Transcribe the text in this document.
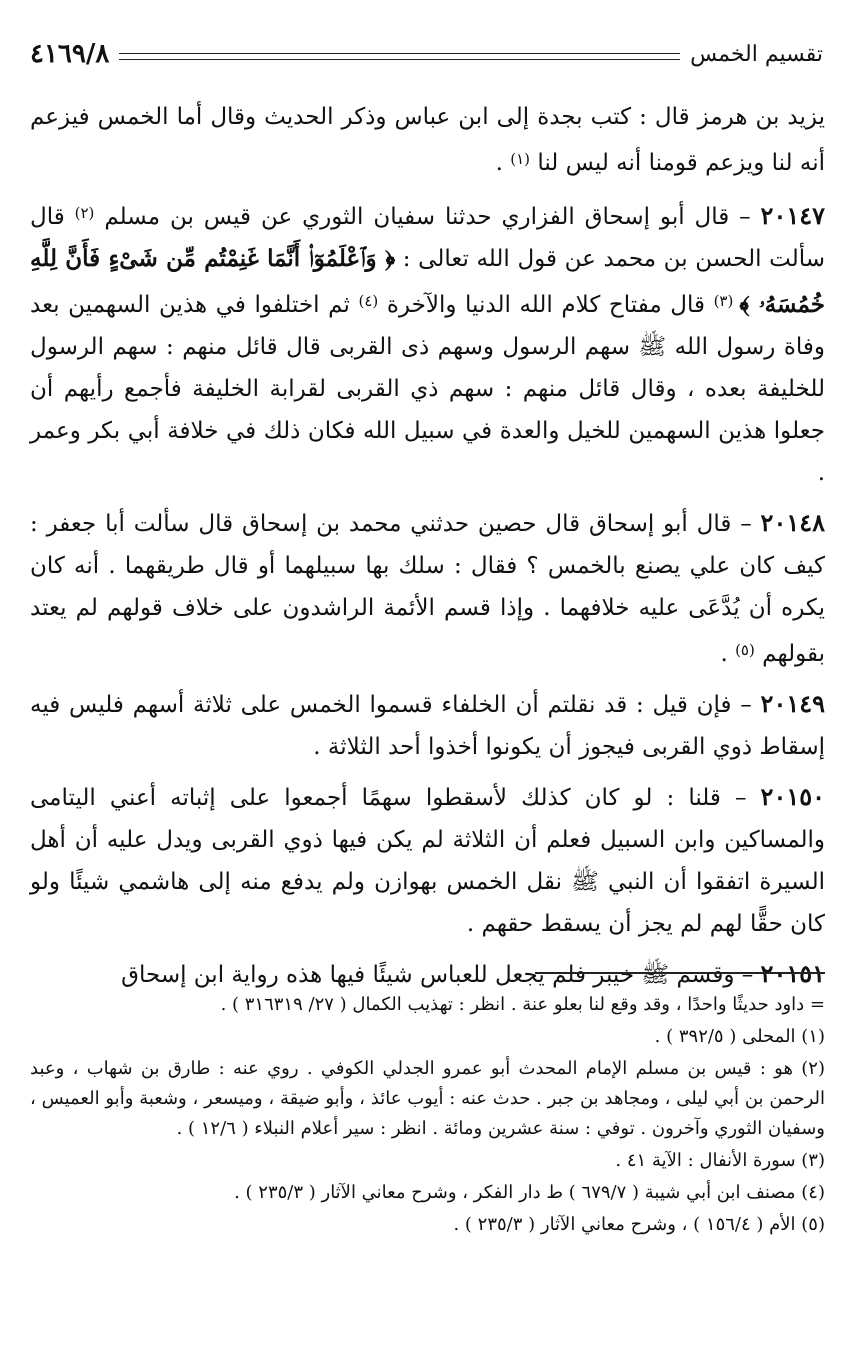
تقسيم الخمس
٤١٦٩/٨

يزيد بن هرمز قال : كتب بجدة إلى ابن عباس وذكر الحديث وقال أما الخمس فيزعم أنه لنا ويزعم قومنا أنه ليس لنا $^{(١)}$ .

٢٠١٤٧ – قال أبو إسحاق الفزاري حدثنا سفيان الثوري عن قيس بن مسلم $^{(٢)}$ قال سألت الحسن بن محمد عن قول الله تعالى : ﴿ وَٱعْلَمُوٓا۟ أَنَّمَا غَنِمْتُم مِّن شَىْءٍ فَأَنَّ لِلَّهِ خُمُسَهُۥ ﴾ $^{(٣)}$ قال مفتاح كلام الله الدنيا والآخرة $^{(٤)}$ ثم اختلفوا في هذين السهمين بعد وفاة رسول الله ﷺ سهم الرسول وسهم ذى القربى قال قائل منهم : سهم الرسول للخليفة بعده ، وقال قائل منهم : سهم ذي القربى لقرابة الخليفة فأجمع رأيهم أن جعلوا هذين السهمين للخيل والعدة في سبيل الله فكان ذلك في خلافة أبي بكر وعمر .

٢٠١٤٨ – قال أبو إسحاق قال حصين حدثني محمد بن إسحاق قال سألت أبا جعفر : كيف كان علي يصنع بالخمس ؟ فقال : سلك بها سبيلهما أو قال طريقهما . أنه كان يكره أن يُدَّعَى عليه خلافهما . وإذا قسم الأئمة الراشدون على خلاف قولهم لم يعتد بقولهم $^{(٥)}$ .

٢٠١٤٩ – فإن قيل : قد نقلتم أن الخلفاء قسموا الخمس على ثلاثة أسهم فليس فيه إسقاط ذوي القربى فيجوز أن يكونوا أخذوا أحد الثلاثة .

٢٠١٥٠ – قلنا : لو كان كذلك لأسقطوا سهمًا أجمعوا على إثباته أعني اليتامى والمساكين وابن السبيل فعلم أن الثلاثة لم يكن فيها ذوي القربى ويدل عليه أن أهل السيرة اتفقوا أن النبي ﷺ نقل الخمس بهوازن ولم يدفع منه إلى هاشمي شيئًا ولو كان حقًّا لهم لم يجز أن يسقط حقهم .

٢٠١٥١ – وقسم ﷺ خيبر فلم يجعل للعباس شيئًا فيها هذه رواية ابن إسحاق

= داود حديثًا واحدًا ، وقد وقع لنا بعلو عنة . انظر : تهذيب الكمال ( ٢٧/ ٣١٦٣١٩ ) .

(١) المحلى ( ٣٩٢/٥ ) .

(٢) هو : قيس بن مسلم الإمام المحدث أبو عمرو الجدلي الكوفي . روي عنه : طارق بن شهاب ، وعبد الرحمن بن أبي ليلى ، ومجاهد بن جبر . حدث عنه : أيوب عائذ ، وأبو ضيقة ، وميسعر ، وشعبة وأبو العميس ، وسفيان الثوري وآخرون . توفي : سنة عشرين ومائة . انظر : سير أعلام النبلاء ( ١٢/٦ ) .

(٣) سورة الأنفال : الآية ٤١ .

(٤) مصنف ابن أبي شيبة ( ٦٧٩/٧ ) ط دار الفكر ، وشرح معاني الآثار ( ٢٣٥/٣ ) .

(٥) الأم ( ١٥٦/٤ ) ، وشرح معاني الآثار ( ٢٣٥/٣ ) .
